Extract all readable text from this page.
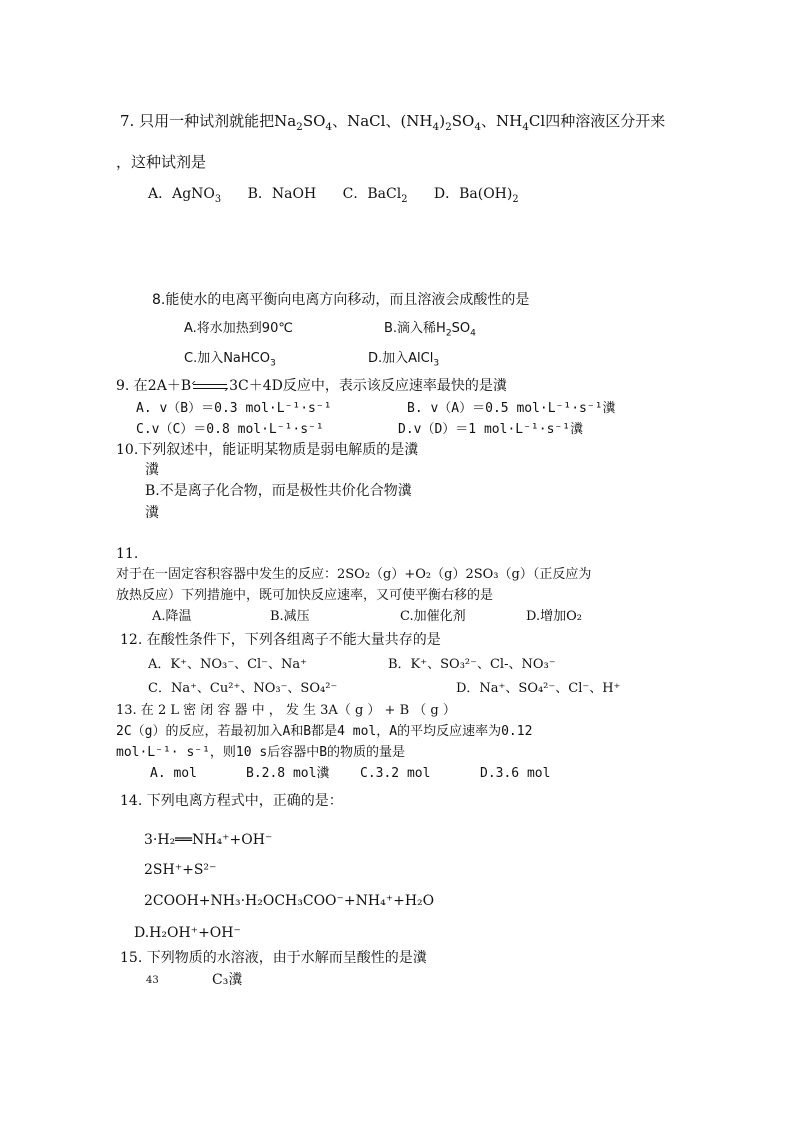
7. 只用一种试剂就能把$Na_2SO_4$、NaCl、$(NH_4)_2SO_4$、$NH_4Cl$四种溶液区分开来
，这种试剂是
A．AgNO$_3$ B．NaOH C．BaCl$_2$ D．$Ba(OH)_2$
8.能使水的电离平衡向电离方向移动，而且溶液会成酸性的是
A.将水加热到90℃	B.滴入稀$H_2SO_4$
C.加入NaHCO$_3$	D.加入AlCl$_3$
9. 在2A＋B	3C＋4D反应中，表示该反应速率最快的是瀵
A. v（B）＝0.3 mol·L⁻¹·s⁻¹	B. v（A）＝0.5 mol·L⁻¹·s⁻¹瀵
C.v（C）＝0.8 mol·L⁻¹·s⁻¹	D.v（D）＝1 mol·L⁻¹·s⁻¹瀵
10.下列叙述中，能证明某物质是弱电解质的是瀵
瀵
B.不是离子化合物，而是极性共价化合物瀵
瀵
11.
对于在一固定容积容器中发生的反应：2SO₂（g）+O₂（g）2SO₃（g）（正反应为
放热反应）下列措施中，既可加快反应速率，又可使平衡右移的是
A.降温	B.减压	C.加催化剂	D.增加O₂
12. 在酸性条件下，下列各组离子不能大量共存的是
A．K⁺、NO₃⁻、Cl⁻、Na⁺	B．K⁺、SO₃²⁻、Cl-、NO₃⁻
C．Na⁺、Cu²⁺、NO₃⁻、SO₄²⁻	D．Na⁺、SO₄²⁻、Cl⁻、H⁺
13. 在 2 L 密 闭 容 器 中 ， 发 生 3A（ g ） + B （ g ）
2C（g）的反应，若最初加入A和B都是4 mol，A的平均反应速率为0.12
mol·L⁻¹· s⁻¹，则10 s后容器中B的物质的量是
A. mol	B.2.8 mol瀵 C.3.2 mol	D.3.6 mol
14. 下列电离方程式中，正确的是：
3·H₂══NH₄⁺+OH⁻
2SH⁺+S²⁻
2COOH+NH₃·H₂OCH₃COO⁻+NH₄⁺+H₂O
D.H₂OH⁺+OH⁻
15. 下列物质的水溶液，由于水解而呈酸性的是瀵
43	C₃瀵
